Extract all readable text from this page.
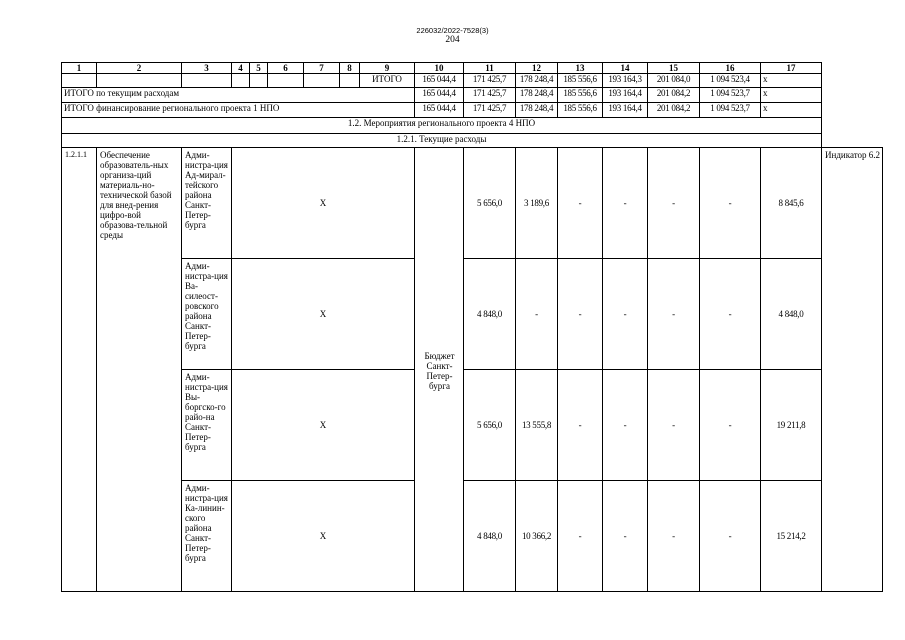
226032/2022-7528(3)
204
1	2	3	4	5	6	7	8	9	10	11	12	13	14	15	16	17	
								ИТОГО	165 044,4	171 425,7	178 248,4	185 556,6	193 164,3	201 084,0	1 094 523,4	x	
ИТОГО по текущим расходам									165 044,4	171 425,7	178 248,4	185 556,6	193 164,4	201 084,2	1 094 523,7	x	
ИТОГО финансирование регионального проекта 1 НПО									165 044,4	171 425,7	178 248,4	185 556,6	193 164,4	201 084,2	1 094 523,7	x	
1.2. Мероприятия регионального проекта 4 НПО																	
1.2.1. Текущие расходы																	
1.2.1.1	Обеспечение образователь-ных организа-ций материаль-но-технической базой для внед-рения цифро-вой образова-тельной среды	Адми-нистра-ция Ад-мирал-тейского района Санкт-Петер-бурга	X						Бюджет Санкт-Петер-бурга	5 656,0	3 189,6	-	-	-	-	8 845,6	Индикатор 6.2
		Адми-нистра-ция Ва-силеост-ровского района Санкт-Петер-бурга	X							4 848,0	-	-	-	-	-	4 848,0	
		Адми-нистра-ция Вы-боргско-го райо-на Санкт-Петер-бурга	X							5 656,0	13 555,8	-	-	-	-	19 211,8	
		Адми-нистра-ция Ка-линин-ского района Санкт-Петер-бурга	X							4 848,0	10 366,2	-	-	-	-	15 214,2	
